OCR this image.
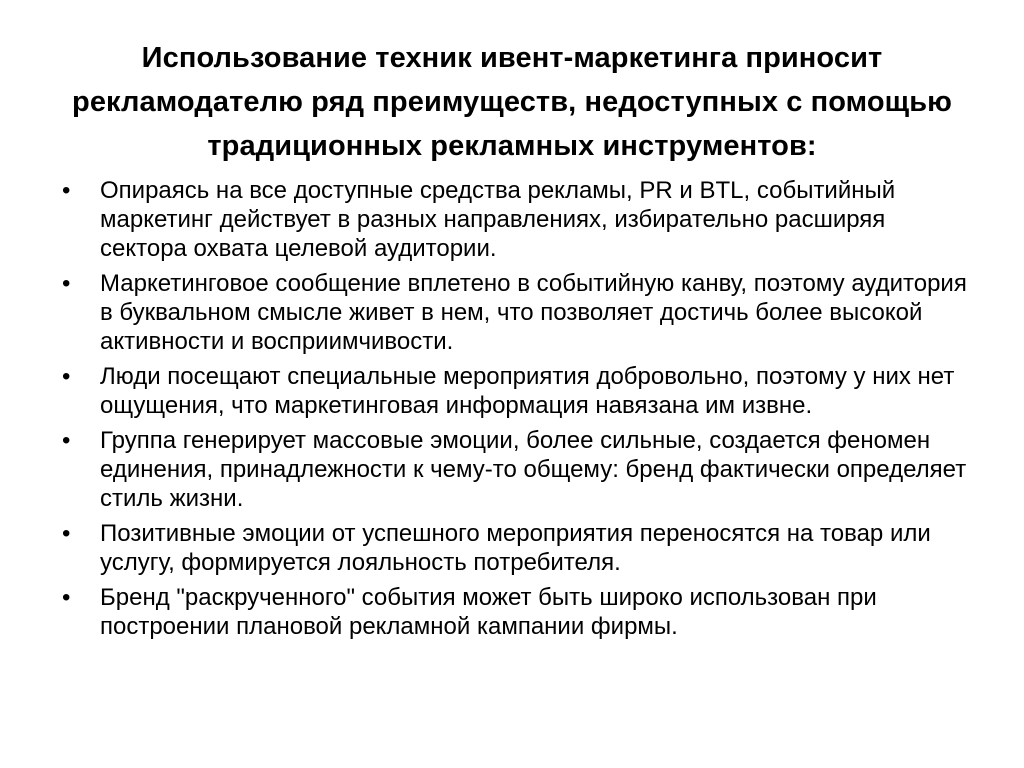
Использование техник ивент-маркетинга приносит рекламодателю ряд преимуществ, недоступных с помощью традиционных рекламных инструментов:
• Опираясь на все доступные средства рекламы, PR и BTL, событийный маркетинг действует в разных направлениях, избирательно расширяя сектора охвата целевой аудитории.
• Маркетинговое сообщение вплетено в событийную канву, поэтому аудитория в буквальном смысле живет в нем, что позволяет достичь более высокой активности и восприимчивости.
• Люди посещают специальные мероприятия добровольно, поэтому у них нет ощущения, что маркетинговая информация навязана им извне.
• Группа генерирует массовые эмоции, более сильные, создается феномен единения, принадлежности к чему-то общему: бренд фактически определяет стиль жизни.
• Позитивные эмоции от успешного мероприятия переносятся на товар или услугу, формируется лояльность потребителя.
• Бренд "раскрученного" события может быть широко использован при построении плановой рекламной кампании фирмы.
